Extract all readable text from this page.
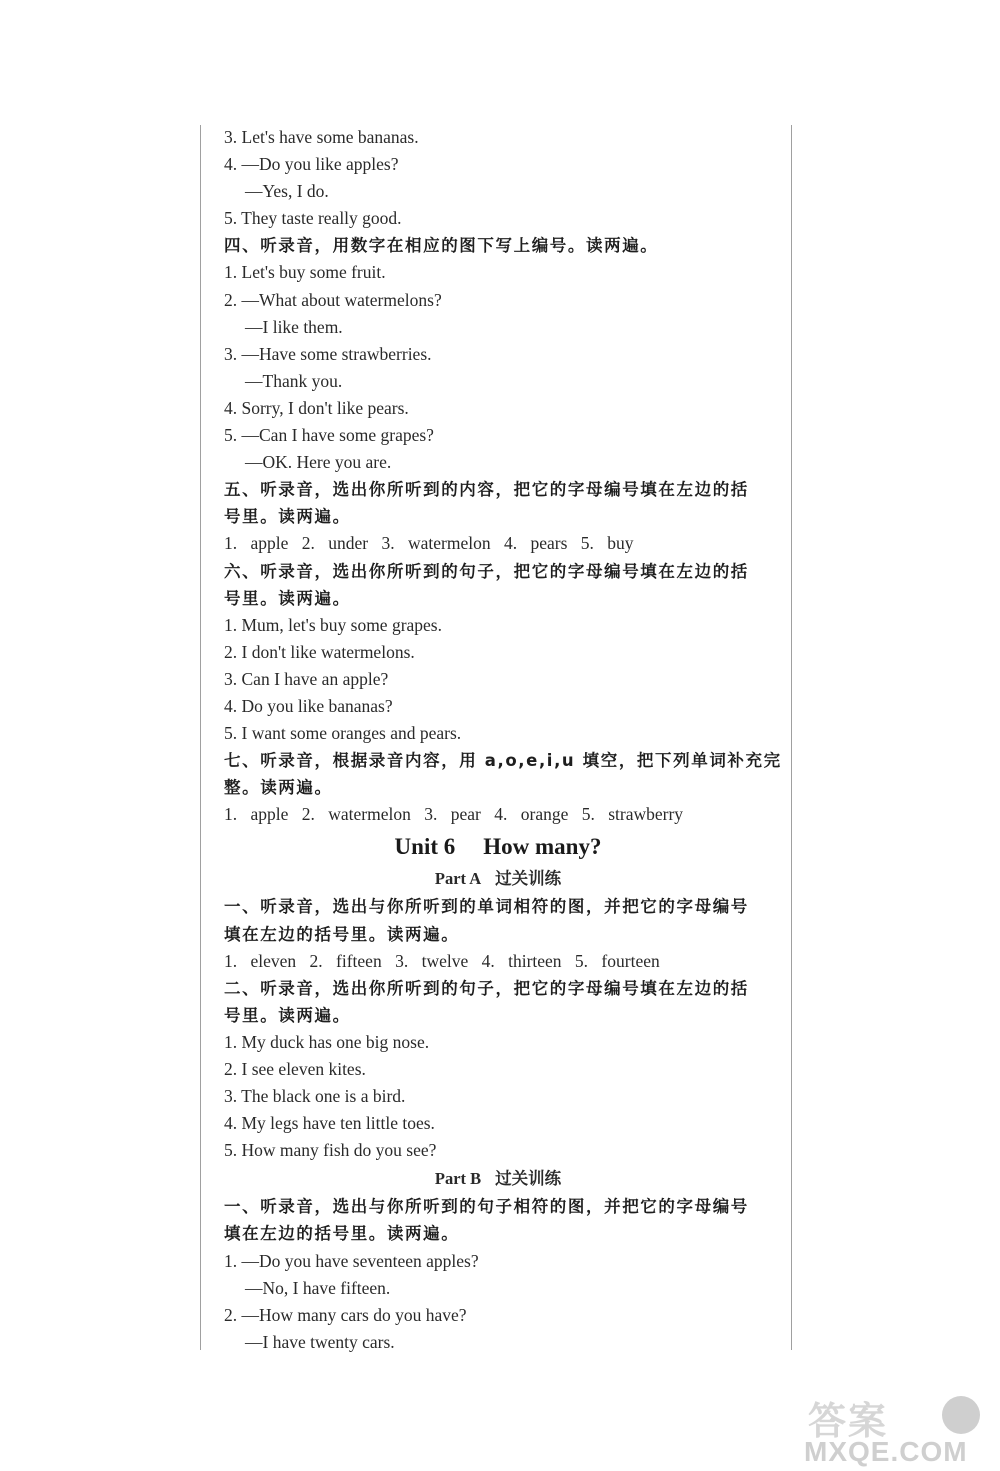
3. Let's have some bananas.
4. —Do you like apples?
—Yes, I do.
5. They taste really good.
四、听录音，用数字在相应的图下写上编号。读两遍。
1. Let's buy some fruit.
2. —What about watermelons?
—I like them.
3. —Have some strawberries.
—Thank you.
4. Sorry, I don't like pears.
5. —Can I have some grapes?
—OK. Here you are.
五、听录音，选出你所听到的内容，把它的字母编号填在左边的括
号里。读两遍。
1. apple 2. under 3. watermelon 4. pears 5. buy
六、听录音，选出你所听到的句子，把它的字母编号填在左边的括
号里。读两遍。
1. Mum, let's buy some grapes.
2. I don't like watermelons.
3. Can I have an apple?
4. Do you like bananas?
5. I want some oranges and pears.
七、听录音，根据录音内容，用 a,o,e,i,u 填空，把下列单词补充完
整。读两遍。
1. apple 2. watermelon 3. pear 4. orange 5. strawberry
Unit 6 How many?
Part A 过关训练
一、听录音，选出与你所听到的单词相符的图，并把它的字母编号
填在左边的括号里。读两遍。
1. eleven 2. fifteen 3. twelve 4. thirteen 5. fourteen
二、听录音，选出你所听到的句子，把它的字母编号填在左边的括
号里。读两遍。
1. My duck has one big nose.
2. I see eleven kites.
3. The black one is a bird.
4. My legs have ten little toes.
5. How many fish do you see?
Part B 过关训练
一、听录音，选出与你所听到的句子相符的图，并把它的字母编号
填在左边的括号里。读两遍。
1. —Do you have seventeen apples?
—No, I have fifteen.
2. —How many cars do you have?
—I have twenty cars.
答案
MXQE.COM
